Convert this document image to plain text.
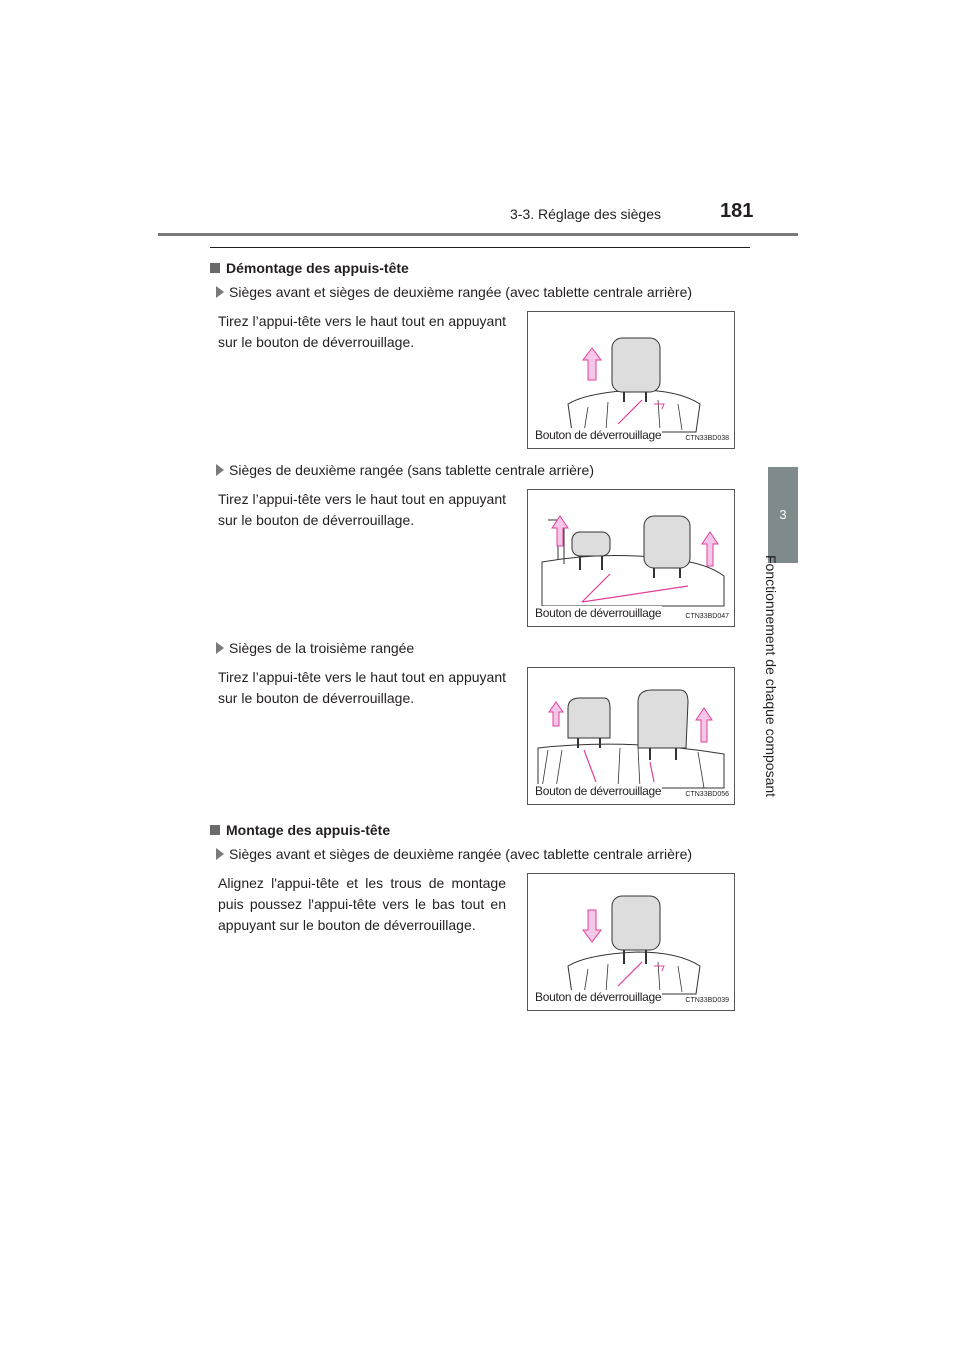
3-3. Réglage des sièges	181
3
Fonctionnement de chaque composant
Démontage des appuis-tête
Sièges avant et sièges de deuxième rangée (avec tablette centrale arrière)
Tirez l’appui-tête vers le haut tout en appuyant sur le bouton de déverrouillage.
Bouton de déverrouillage	CTN33BD038
Sièges de deuxième rangée (sans tablette centrale arrière)
Tirez l’appui-tête vers le haut tout en appuyant sur le bouton de déverrouillage.
Bouton de déverrouillage	CTN33BD047
Sièges de la troisième rangée
Tirez l’appui-tête vers le haut tout en appuyant sur le bouton de déverrouillage.
Bouton de déverrouillage	CTN33BD056
Montage des appuis-tête
Sièges avant et sièges de deuxième rangée (avec tablette centrale arrière)
Alignez l'appui-tête et les trous de montage puis poussez l'appui-tête vers le bas tout en appuyant sur le bouton de déverrouillage.
Bouton de déverrouillage	CTN33BD039
